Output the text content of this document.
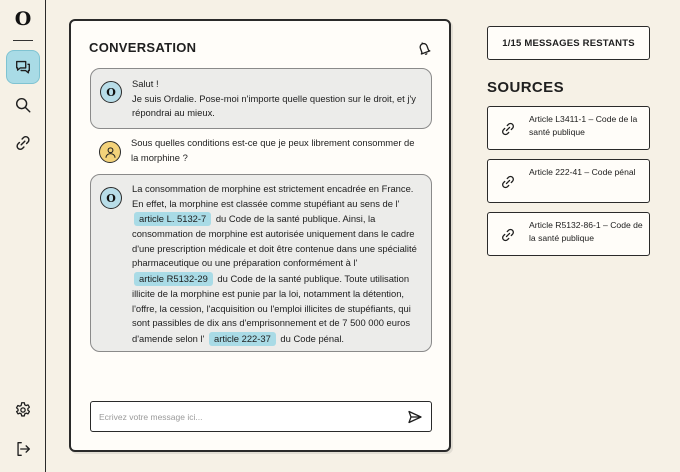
O
CONVERSATION
O
Salut !
Je suis Ordalie. Pose-moi n'importe quelle question sur le droit, et j'y répondrai au mieux.
Sous quelles conditions est-ce que je peux librement consommer de la morphine ?
O
La consommation de morphine est strictement encadrée en France. En effet, la morphine est classée comme stupéfiant au sens de l' article L. 5132-7 du Code de la santé publique. Ainsi, la consommation de morphine est autorisée uniquement dans le cadre d'une prescription médicale et doit être contenue dans une spécialité pharmaceutique ou une préparation conformément à l' article R5132-29 du Code de la santé publique. Toute utilisation illicite de la morphine est punie par la loi, notamment la détention, l'offre, la cession, l'acquisition ou l'emploi illicites de stupéfiants, qui sont passibles de dix ans d'emprisonnement et de 7 500 000 euros d'amende selon l' article 222-37 du Code pénal.
Ecrivez votre message ici...
1/15 MESSAGES RESTANTS
SOURCES
Article L3411-1 – Code de la santé publique
Article 222-41 – Code pénal
Article R5132-86-1 – Code de la santé publique
